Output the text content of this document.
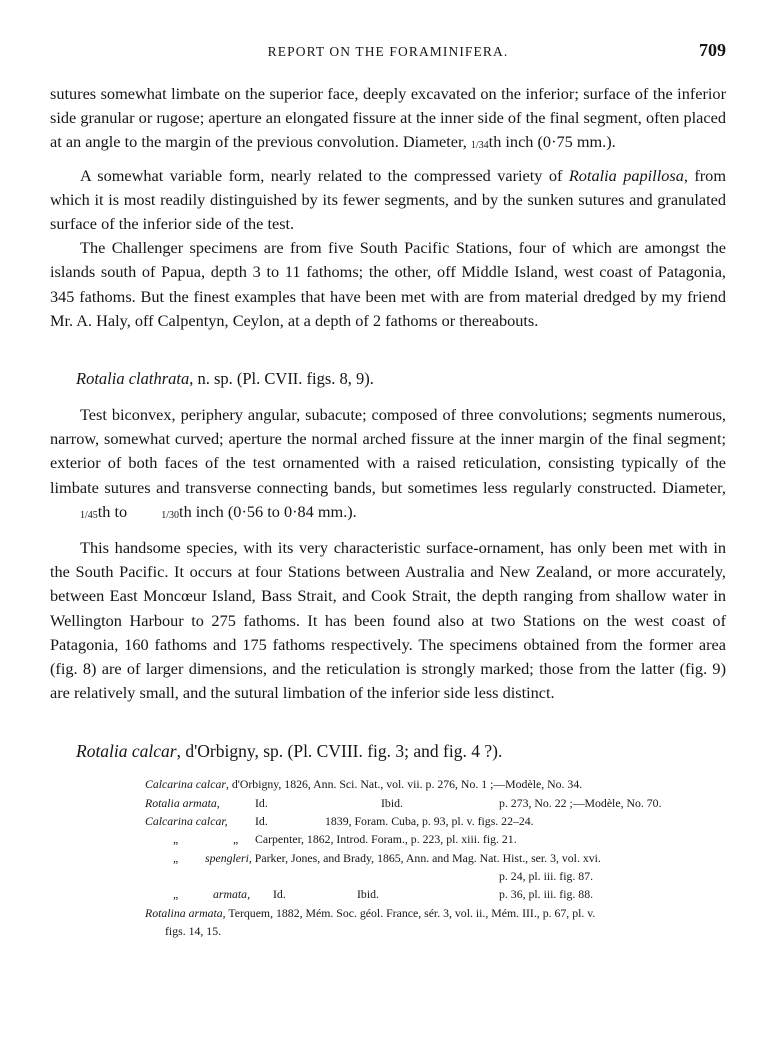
REPORT ON THE FORAMINIFERA.	709

sutures somewhat limbate on the superior face, deeply excavated on the inferior; surface of the inferior side granular or rugose; aperture an elongated fissure at the inner side of the final segment, often placed at an angle to the margin of the previous convolution. Diameter, 1/34th inch (0·75 mm.).

A somewhat variable form, nearly related to the compressed variety of Rotalia papillosa, from which it is most readily distinguished by its fewer segments, and by the sunken sutures and granulated surface of the inferior side of the test.

The Challenger specimens are from five South Pacific Stations, four of which are amongst the islands south of Papua, depth 3 to 11 fathoms; the other, off Middle Island, west coast of Patagonia, 345 fathoms. But the finest examples that have been met with are from material dredged by my friend Mr. A. Haly, off Calpentyn, Ceylon, at a depth of 2 fathoms or thereabouts.

Rotalia clathrata, n. sp. (Pl. CVII. figs. 8, 9).

Test biconvex, periphery angular, subacute; composed of three convolutions; segments numerous, narrow, somewhat curved; aperture the normal arched fissure at the inner margin of the final segment; exterior of both faces of the test ornamented with a raised reticulation, consisting typically of the limbate sutures and transverse connecting bands, but sometimes less regularly constructed. Diameter, 1/45th to	1/30th inch (0·56 to 0·84 mm.).

This handsome species, with its very characteristic surface-ornament, has only been met with in the South Pacific. It occurs at four Stations between Australia and New Zealand, or more accurately, between East Moncœur Island, Bass Strait, and Cook Strait, the depth ranging from shallow water in Wellington Harbour to 275 fathoms. It has been found also at two Stations on the west coast of Patagonia, 160 fathoms and 175 fathoms respectively. The specimens obtained from the former area (fig. 8) are of larger dimensions, and the reticulation is strongly marked; those from the latter (fig. 9) are relatively small, and the sutural limbation of the inferior side less distinct.

Rotalia calcar, d'Orbigny, sp. (Pl. CVIII. fig. 3; and fig. 4 ?).
Calcarina calcar, d'Orbigny, 1826, Ann. Sci. Nat., vol. vii. p. 276, No. 1 ;—Modèle, No. 34.
Rotalia armata,	Id.	Ibid.	p. 273, No. 22 ;—Modèle, No. 70.
Calcarina calcar, Id.	1839, Foram. Cuba, p. 93, pl. v. figs. 22–24.
„	„ Carpenter, 1862, Introd. Foram., p. 223, pl. xiii. fig. 21.
„ spengleri, Parker, Jones, and Brady, 1865, Ann. and Mag. Nat. Hist., ser. 3, vol. xvi.
p. 24, pl. iii. fig. 87.
„	armata, Id.	Ibid.	p. 36, pl. iii. fig. 88.
Rotalina armata, Terquem, 1882, Mém. Soc. géol. France, sér. 3, vol. ii., Mém. III., p. 67, pl. v.
figs. 14, 15.
